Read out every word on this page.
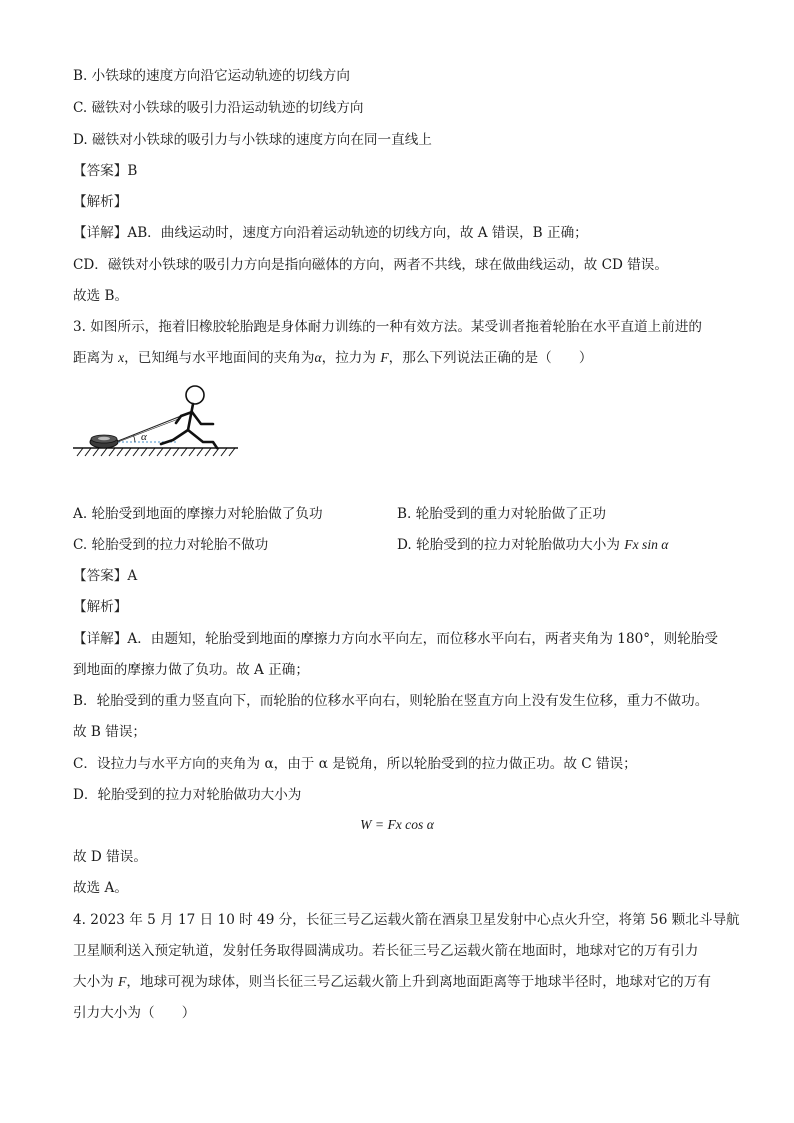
B. 小铁球的速度方向沿它运动轨迹的切线方向
C. 磁铁对小铁球的吸引力沿运动轨迹的切线方向
D. 磁铁对小铁球的吸引力与小铁球的速度方向在同一直线上
【答案】B
【解析】
【详解】AB．曲线运动时，速度方向沿着运动轨迹的切线方向，故 A 错误，B 正确；
CD．磁铁对小铁球的吸引力方向是指向磁体的方向，两者不共线，球在做曲线运动，故 CD 错误。
故选 B。
3. 如图所示，拖着旧橡胶轮胎跑是身体耐力训练的一种有效方法。某受训者拖着轮胎在水平直道上前进的
距离为 x，已知绳与水平地面间的夹角为α，拉力为 F，那么下列说法正确的是（　　）
α
A. 轮胎受到地面的摩擦力对轮胎做了负功	B. 轮胎受到的重力对轮胎做了正功
C. 轮胎受到的拉力对轮胎不做功	D. 轮胎受到的拉力对轮胎做功大小为 Fx sin α
【答案】A
【解析】
【详解】A．由题知，轮胎受到地面的摩擦力方向水平向左，而位移水平向右，两者夹角为 180°，则轮胎受
到地面的摩擦力做了负功。故 A 正确；
B．轮胎受到的重力竖直向下，而轮胎的位移水平向右，则轮胎在竖直方向上没有发生位移，重力不做功。
故 B 错误；
C．设拉力与水平方向的夹角为 α，由于 α 是锐角，所以轮胎受到的拉力做正功。故 C 错误；
D．轮胎受到的拉力对轮胎做功大小为
W = Fx cos α
故 D 错误。
故选 A。
4. 2023 年 5 月 17 日 10 时 49 分，长征三号乙运载火箭在酒泉卫星发射中心点火升空，将第 56 颗北斗导航
卫星顺利送入预定轨道，发射任务取得圆满成功。若长征三号乙运载火箭在地面时，地球对它的万有引力
大小为 F，地球可视为球体，则当长征三号乙运载火箭上升到离地面距离等于地球半径时，地球对它的万有
引力大小为（　　）
